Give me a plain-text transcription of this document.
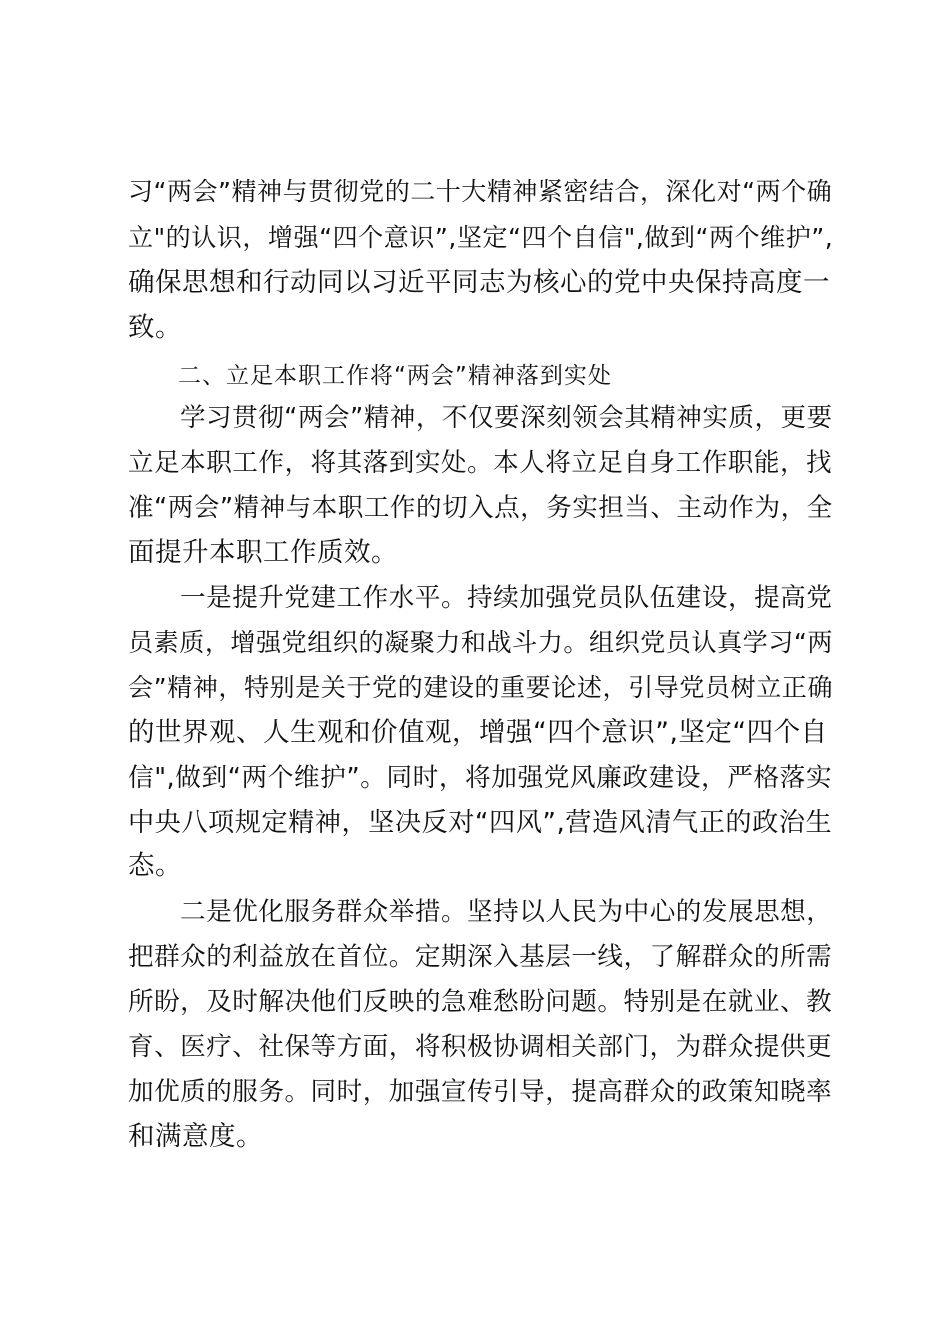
习“两会”精神与贯彻党的二十大精神紧密结合，深化对“两个确
立"的认识，增强“四个意识”,坚定“四个自信",做到“两个维护”,
确保思想和行动同以习近平同志为核心的党中央保持高度一
致。
二、立足本职工作将“两会”精神落到实处
学习贯彻“两会”精神，不仅要深刻领会其精神实质，更要
立足本职工作，将其落到实处。本人将立足自身工作职能，找
准“两会”精神与本职工作的切入点，务实担当、主动作为，全
面提升本职工作质效。
一是提升党建工作水平。持续加强党员队伍建设，提高党
员素质，增强党组织的凝聚力和战斗力。组织党员认真学习“两
会”精神，特别是关于党的建设的重要论述，引导党员树立正确
的世界观、人生观和价值观，增强“四个意识”,坚定“四个自
信",做到“两个维护”。同时，将加强党风廉政建设，严格落实
中央八项规定精神，坚决反对“四风”,营造风清气正的政治生
态。
二是优化服务群众举措。坚持以人民为中心的发展思想，
把群众的利益放在首位。定期深入基层一线，了解群众的所需
所盼，及时解决他们反映的急难愁盼问题。特别是在就业、教
育、医疗、社保等方面，将积极协调相关部门，为群众提供更
加优质的服务。同时，加强宣传引导，提高群众的政策知晓率
和满意度。
